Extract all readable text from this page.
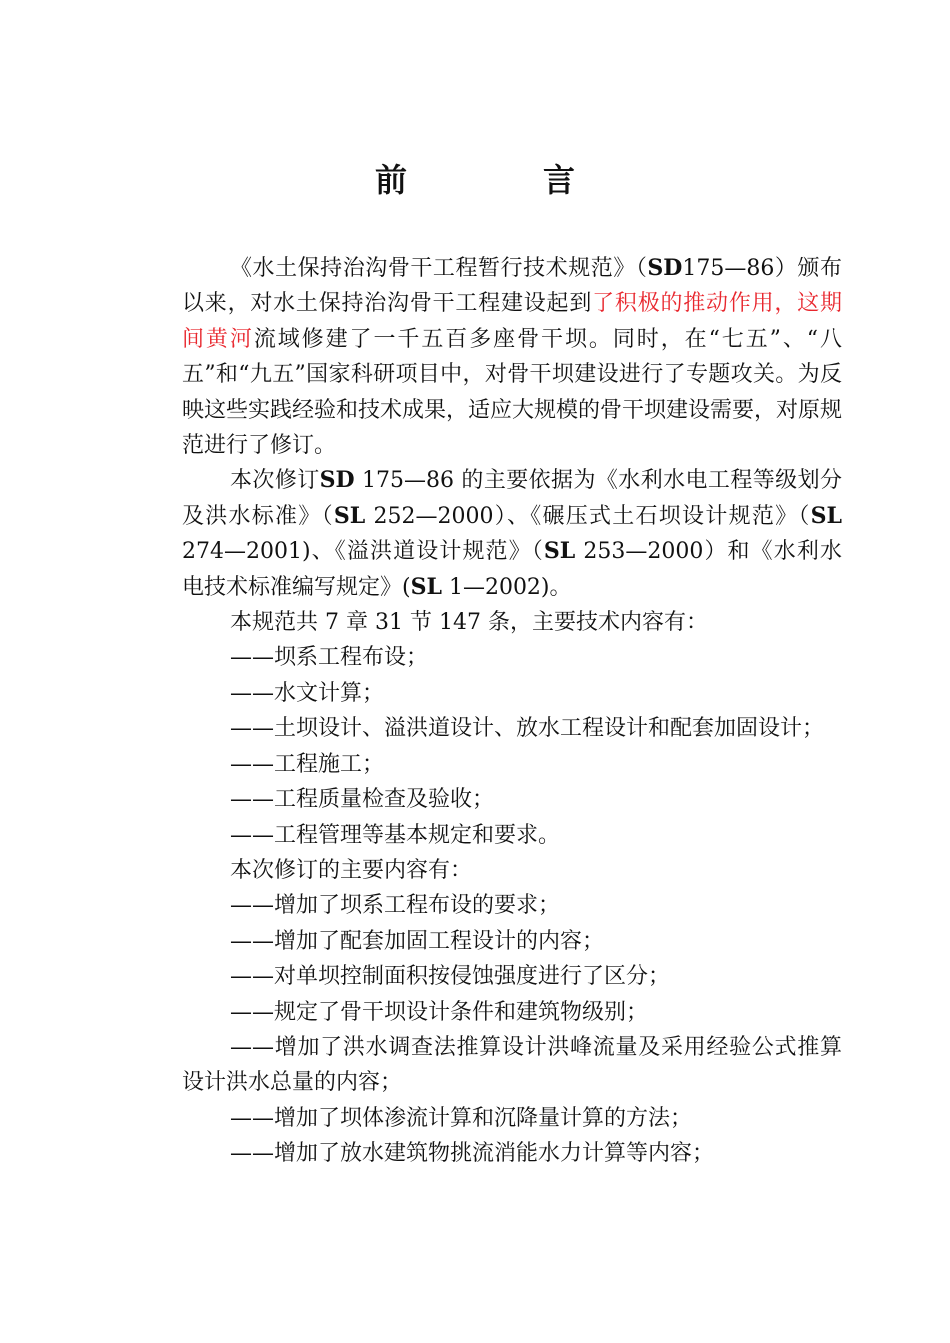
前　言

《水土保持治沟骨干工程暂行技术规范》（SD175—86）颁布以来，对水土保持治沟骨干工程建设起到了积极的推动作用，这期间黄河流域修建了一千五百多座骨干坝。同时，在“七五”、“八五”和“九五”国家科研项目中，对骨干坝建设进行了专题攻关。为反映这些实践经验和技术成果，适应大规模的骨干坝建设需要，对原规范进行了修订。

本次修订SD 175—86 的主要依据为《水利水电工程等级划分及洪水标准》（SL 252—2000）、《碾压式土石坝设计规范》（SL 274—2001)、《溢洪道设计规范》（SL 253—2000）和《水利水电技术标准编写规定》(SL 1—2002)。

本规范共 7 章 31 节 147 条，主要技术内容有：

——坝系工程布设；
——水文计算；
——土坝设计、溢洪道设计、放水工程设计和配套加固设计；
——工程施工；
——工程质量检查及验收；
——工程管理等基本规定和要求。

本次修订的主要内容有：

——增加了坝系工程布设的要求；
——增加了配套加固工程设计的内容；
——对单坝控制面积按侵蚀强度进行了区分；
——规定了骨干坝设计条件和建筑物级别；
——增加了洪水调查法推算设计洪峰流量及采用经验公式推算设计洪水总量的内容；
——增加了坝体渗流计算和沉降量计算的方法；
——增加了放水建筑物挑流消能水力计算等内容；
